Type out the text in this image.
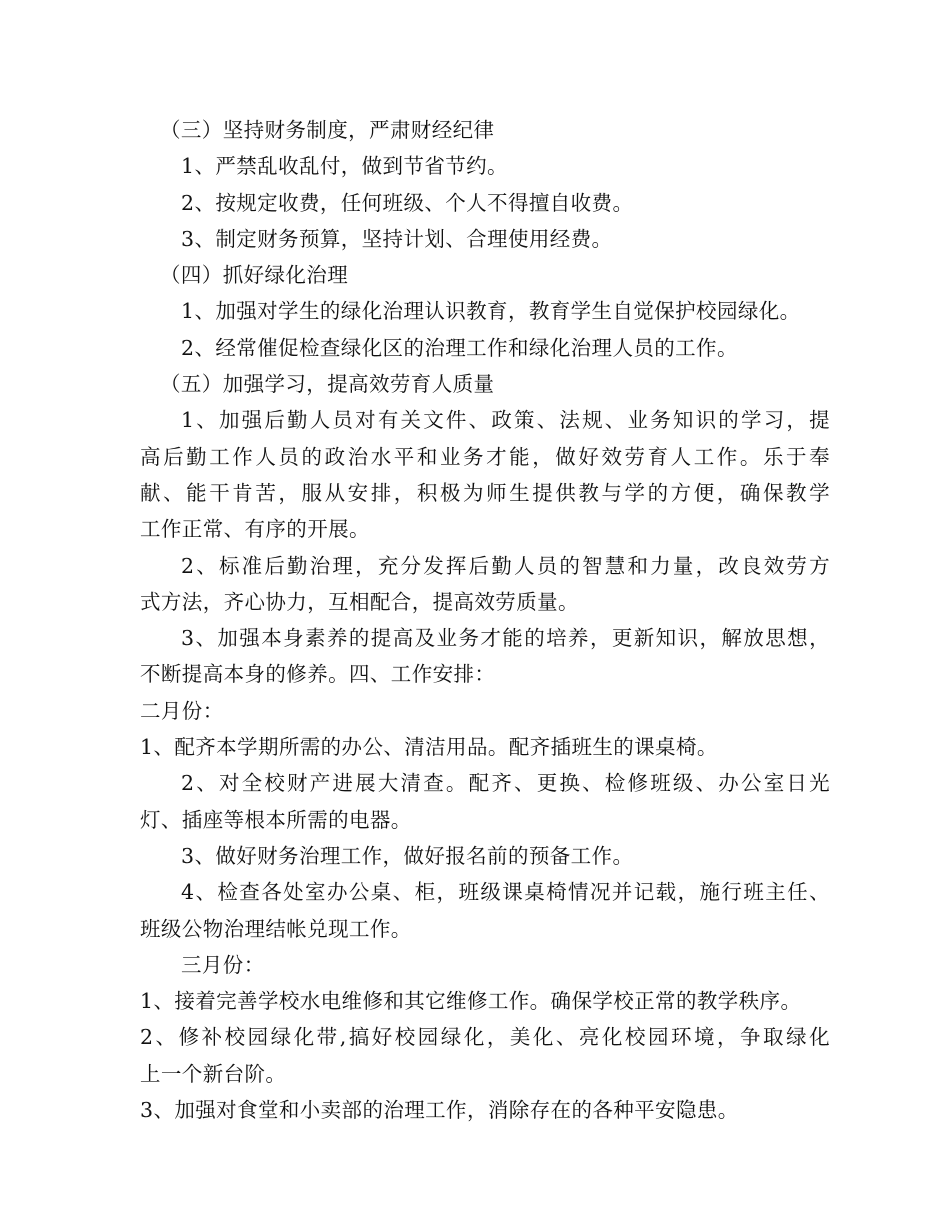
（三）坚持财务制度，严肃财经纪律
1、严禁乱收乱付，做到节省节约。
2、按规定收费，任何班级、个人不得擅自收费。
3、制定财务预算，坚持计划、合理使用经费。
（四）抓好绿化治理
1、加强对学生的绿化治理认识教育，教育学生自觉保护校园绿化。
2、经常催促检查绿化区的治理工作和绿化治理人员的工作。
（五）加强学习，提高效劳育人质量
1、加强后勤人员对有关文件、政策、法规、业务知识的学习，提
高后勤工作人员的政治水平和业务才能，做好效劳育人工作。乐于奉
献、能干肯苦，服从安排，积极为师生提供教与学的方便，确保教学
工作正常、有序的开展。
2、标准后勤治理，充分发挥后勤人员的智慧和力量，改良效劳方
式方法，齐心协力，互相配合，提高效劳质量。
3、加强本身素养的提高及业务才能的培养，更新知识，解放思想，
不断提高本身的修养。四、工作安排：
二月份：
1、配齐本学期所需的办公、清洁用品。配齐插班生的课桌椅。
2、对全校财产进展大清查。配齐、更换、检修班级、办公室日光
灯、插座等根本所需的电器。
3、做好财务治理工作，做好报名前的预备工作。
4、检查各处室办公桌、柜，班级课桌椅情况并记载，施行班主任、
班级公物治理结帐兑现工作。
三月份：
1、接着完善学校水电维修和其它维修工作。确保学校正常的教学秩序。
2、修补校园绿化带,搞好校园绿化，美化、亮化校园环境，争取绿化
上一个新台阶。
3、加强对食堂和小卖部的治理工作，消除存在的各种平安隐患。
